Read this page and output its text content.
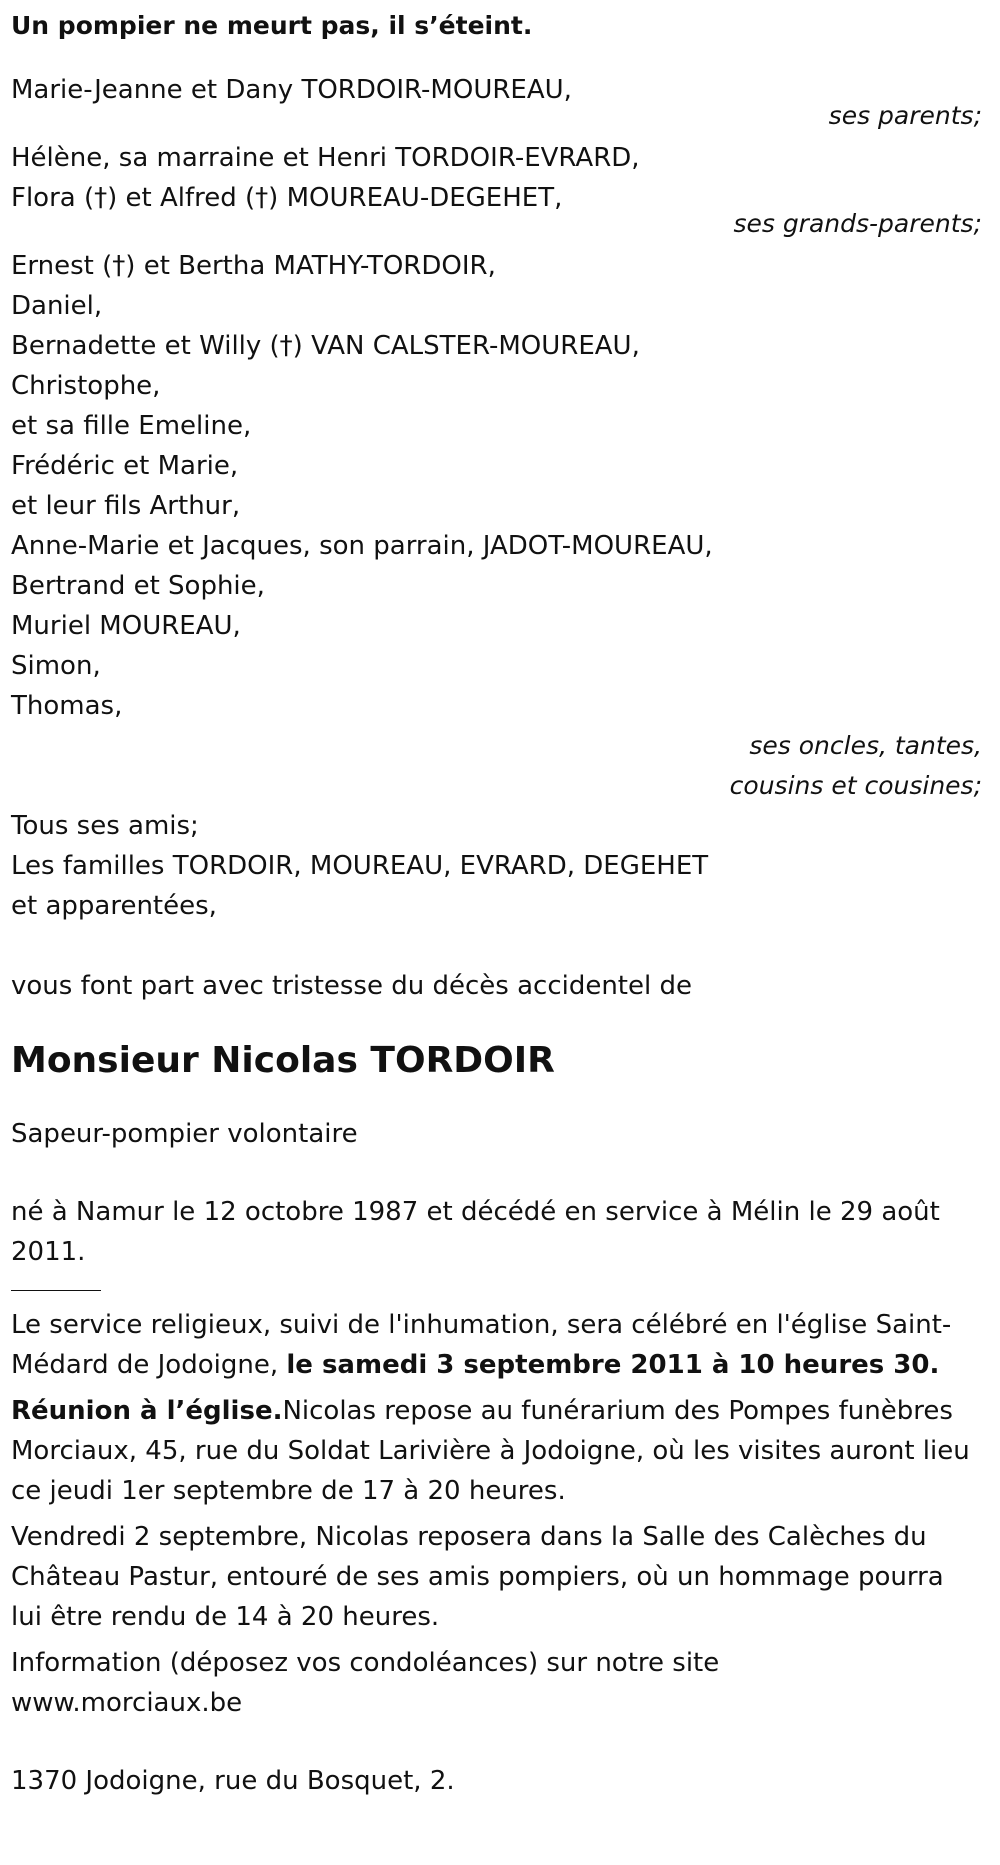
Un pompier ne meurt pas, il s’éteint.
Marie-Jeanne et Dany TORDOIR-MOUREAU,
ses parents;
Hélène, sa marraine et Henri TORDOIR-EVRARD,
Flora (†) et Alfred (†) MOUREAU-DEGEHET,
ses grands-parents;
Ernest (†) et Bertha MATHY-TORDOIR,
Daniel,
Bernadette et Willy (†) VAN CALSTER-MOUREAU,
Christophe,
et sa fille Emeline,
Frédéric et Marie,
et leur fils Arthur,
Anne-Marie et Jacques, son parrain, JADOT-MOUREAU,
Bertrand et Sophie,
Muriel MOUREAU,
Simon,
Thomas,
ses oncles, tantes,
cousins et cousines;
Tous ses amis;
Les familles TORDOIR, MOUREAU, EVRARD, DEGEHET
et apparentées,
vous font part avec tristesse du décès accidentel de
Monsieur Nicolas TORDOIR
Sapeur-pompier volontaire
né à Namur le 12 octobre 1987 et décédé en service à Mélin le 29 août
2011.
Le service religieux, suivi de l'inhumation, sera célébré en l'église Saint-
Médard de Jodoigne, le samedi 3 septembre 2011 à 10 heures 30.
Réunion à l’église.Nicolas repose au funérarium des Pompes funèbres
Morciaux, 45, rue du Soldat Larivière à Jodoigne, où les visites auront lieu
ce jeudi 1er septembre de 17 à 20 heures.
Vendredi 2 septembre, Nicolas reposera dans la Salle des Calèches du
Château Pastur, entouré de ses amis pompiers, où un hommage pourra
lui être rendu de 14 à 20 heures.
Information (déposez vos condoléances) sur notre site
www.morciaux.be
1370 Jodoigne, rue du Bosquet, 2.
